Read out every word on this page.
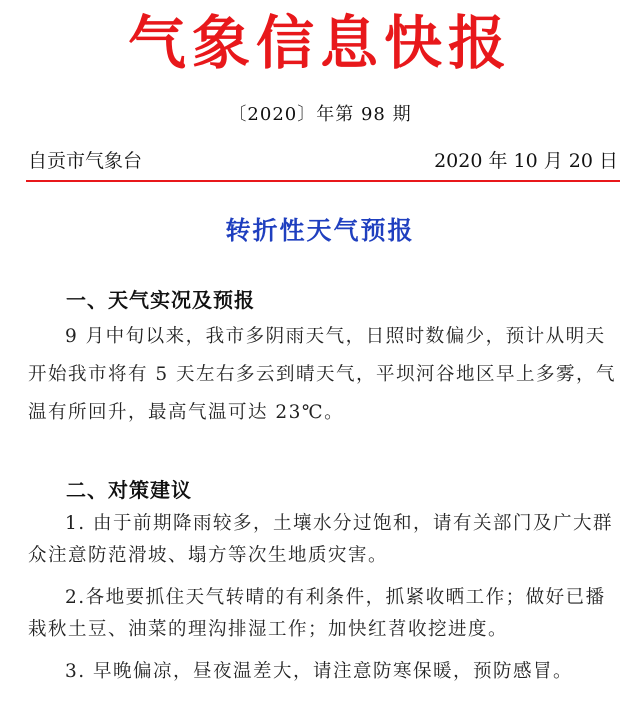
气象信息快报
〔2020〕年第 98 期
自贡市气象台	2020 年 10 月 20 日
转折性天气预报
一、天气实况及预报
9 月中旬以来，我市多阴雨天气，日照时数偏少，预计从明天开始我市将有 5 天左右多云到晴天气，平坝河谷地区早上多雾，气温有所回升，最高气温可达 23℃。
二、对策建议
1. 由于前期降雨较多，土壤水分过饱和，请有关部门及广大群众注意防范滑坡、塌方等次生地质灾害。
2.各地要抓住天气转晴的有利条件，抓紧收晒工作；做好已播栽秋土豆、油菜的理沟排湿工作；加快红苕收挖进度。
3. 早晚偏凉，昼夜温差大，请注意防寒保暖，预防感冒。
